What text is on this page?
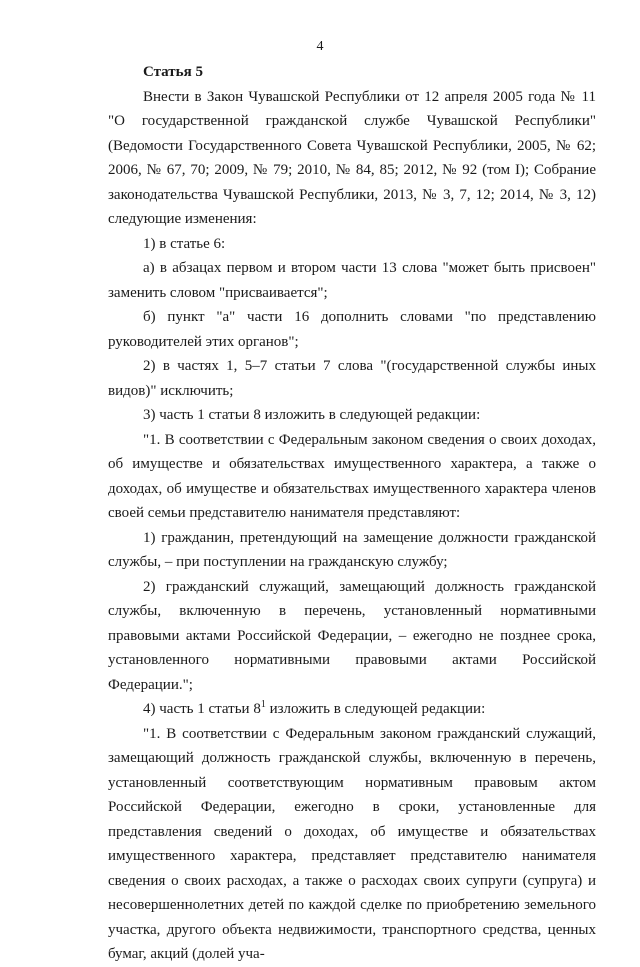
4

Статья 5

Внести в Закон Чувашской Республики от 12 апреля 2005 года № 11 "О государственной гражданской службе Чувашской Республики" (Ведомости Государственного Совета Чувашской Республики, 2005, № 62; 2006, № 67, 70; 2009, № 79; 2010, № 84, 85; 2012, № 92 (том I); Собрание законодательства Чувашской Республики, 2013, № 3, 7, 12; 2014, № 3, 12) следующие изменения:

1) в статье 6:

а) в абзацах первом и втором части 13 слова "может быть присвоен" заменить словом "присваивается";

б) пункт "а" части 16 дополнить словами "по представлению руководителей этих органов";

2) в частях 1, 5–7 статьи 7 слова "(государственной службы иных видов)" исключить;

3) часть 1 статьи 8 изложить в следующей редакции:

"1. В соответствии с Федеральным законом сведения о своих доходах, об имуществе и обязательствах имущественного характера, а также о доходах, об имуществе и обязательствах имущественного характера членов своей семьи представителю нанимателя представляют:

1) гражданин, претендующий на замещение должности гражданской службы, – при поступлении на гражданскую службу;

2) гражданский служащий, замещающий должность гражданской службы, включенную в перечень, установленный нормативными правовыми актами Российской Федерации, – ежегодно не позднее срока, установленного нормативными правовыми актами Российской Федерации.";

4) часть 1 статьи $8^1$ изложить в следующей редакции:

"1. В соответствии с Федеральным законом гражданский служащий, замещающий должность гражданской службы, включенную в перечень, установленный соответствующим нормативным правовым актом Российской Федерации, ежегодно в сроки, установленные для представления сведений о доходах, об имуществе и обязательствах имущественного характера, представляет представителю нанимателя сведения о своих расходах, а также о расходах своих супруги (супруга) и несовершеннолетних детей по каждой сделке по приобретению земельного участка, другого объекта недвижимости, транспортного средства, ценных бумаг, акций (долей уча-
